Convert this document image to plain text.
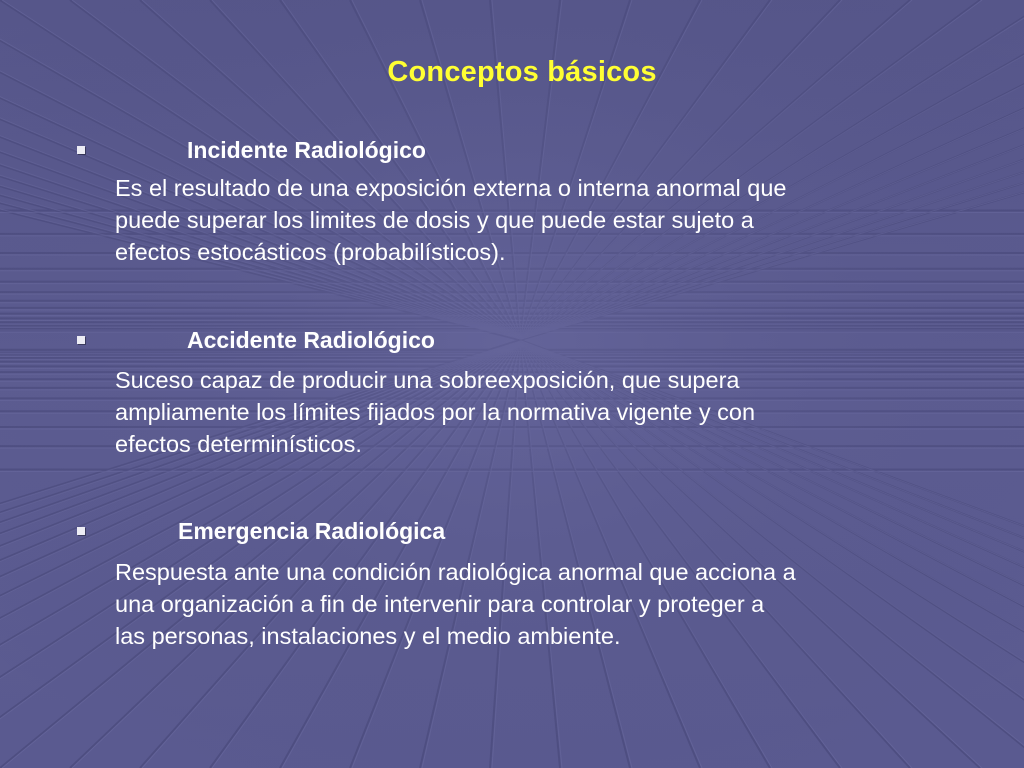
Conceptos básicos
Incidente Radiológico
Es el resultado de una exposición externa o interna anormal que
puede superar los limites de dosis y que puede estar sujeto a
efectos estocásticos (probabilísticos).
Accidente Radiológico
Suceso capaz de producir una sobreexposición, que supera
ampliamente los límites fijados por la normativa vigente y con
efectos determinísticos.
Emergencia Radiológica
Respuesta ante una condición radiológica anormal que acciona a
una organización a fin de intervenir para controlar y proteger a
las personas, instalaciones y el medio ambiente.
